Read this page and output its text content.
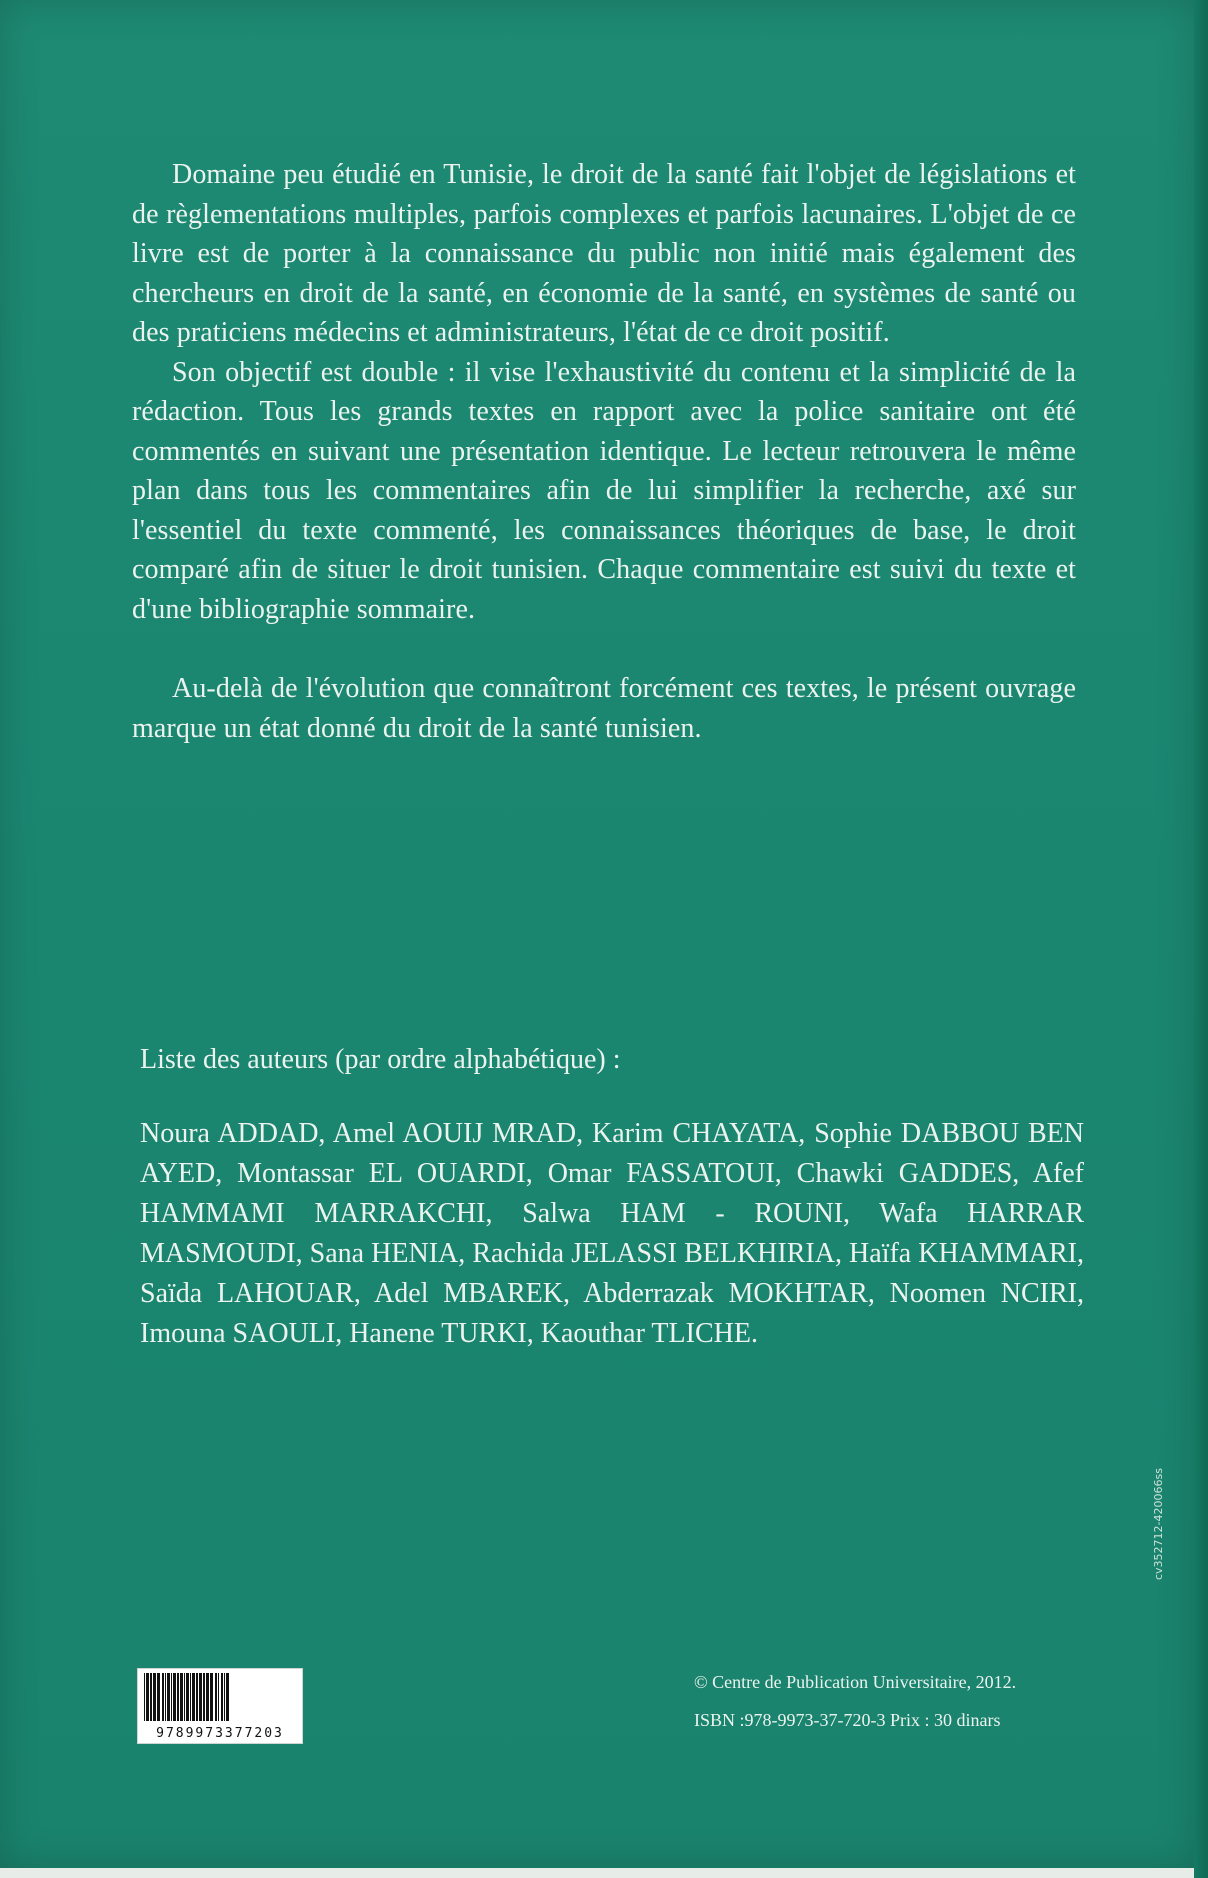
Domaine peu étudié en Tunisie, le droit de la santé fait l'objet de législations et de règlementations multiples, parfois complexes et parfois lacunaires. L'objet de ce livre est de porter à la connaissance du public non initié mais également des chercheurs en droit de la santé, en économie de la santé, en systèmes de santé ou des praticiens médecins et administrateurs, l'état de ce droit positif.

Son objectif est double : il vise l'exhaustivité du contenu et la simplicité de la rédaction. Tous les grands textes en rapport avec la police sanitaire ont été commentés en suivant une présentation identique. Le lecteur retrouvera le même plan dans tous les commentaires afin de lui simplifier la recherche, axé sur l'essentiel du texte commenté, les connaissances théoriques de base, le droit comparé afin de situer le droit tunisien. Chaque commentaire est suivi du texte et d'une bibliographie sommaire.

Au-delà de l'évolution que connaîtront forcément ces textes, le présent ouvrage marque un état donné du droit de la santé tunisien.

Liste des auteurs (par ordre alphabétique) :

Noura ADDAD, Amel AOUIJ MRAD, Karim CHAYATA, Sophie DABBOU BEN AYED, Montassar EL OUARDI, Omar FASSATOUI, Chawki GADDES, Afef HAMMAMI MARRAKCHI, Salwa HAM - ROUNI, Wafa HARRAR MASMOUDI, Sana HENIA, Rachida JELASSI BELKHIRIA, Haïfa KHAMMARI, Saïda LAHOUAR, Adel MBAREK, Abderrazak MOKHTAR, Noomen NCIRI, Imouna SAOULI, Hanene TURKI, Kaouthar TLICHE.

9789973377203

© Centre de Publication Universitaire, 2012.

ISBN :978-9973-37-720-3 Prix : 30 dinars

cv352712-420066ss
